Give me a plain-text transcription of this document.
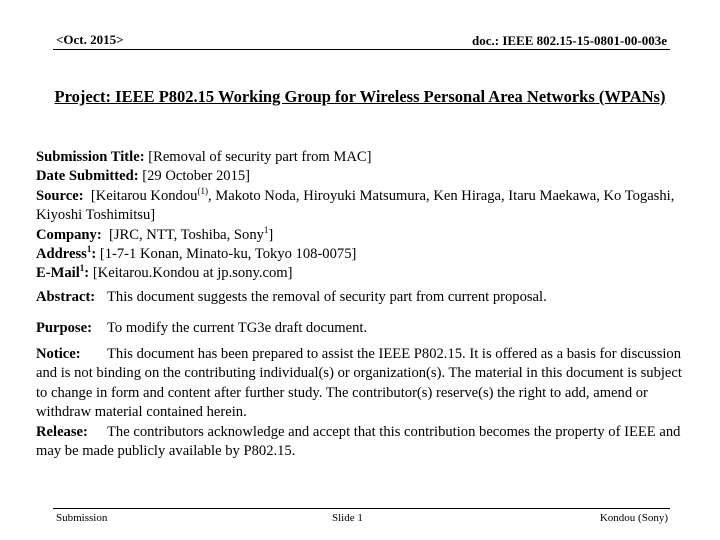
<Oct. 2015>	doc.: IEEE 802.15-15-0801-00-003e
Project: IEEE P802.15 Working Group for Wireless Personal Area Networks (WPANs)
Submission Title: [Removal of security part from MAC]
Date Submitted: [29 October 2015]
Source: [Keitarou Kondou$^{(1)}$, Makoto Noda, Hiroyuki Matsumura, Ken Hiraga, Itaru Maekawa, Ko Togashi, Kiyoshi Toshimitsu]
Company: [JRC, NTT, Toshiba, Sony$^1$]
Address$^1$: [1-7-1 Konan, Minato-ku, Tokyo 108-0075]
E-Mail$^1$: [Keitarou.Kondou at jp.sony.com]
Abstract: This document suggests the removal of security part from current proposal.
Purpose: To modify the current TG3e draft document.
Notice: This document has been prepared to assist the IEEE P802.15. It is offered as a basis for discussion and is not binding on the contributing individual(s) or organization(s). The material in this document is subject to change in form and content after further study. The contributor(s) reserve(s) the right to add, amend or withdraw material contained herein.
Release: The contributors acknowledge and accept that this contribution becomes the property of IEEE and may be made publicly available by P802.15.
Submission	Slide 1	Kondou (Sony)
